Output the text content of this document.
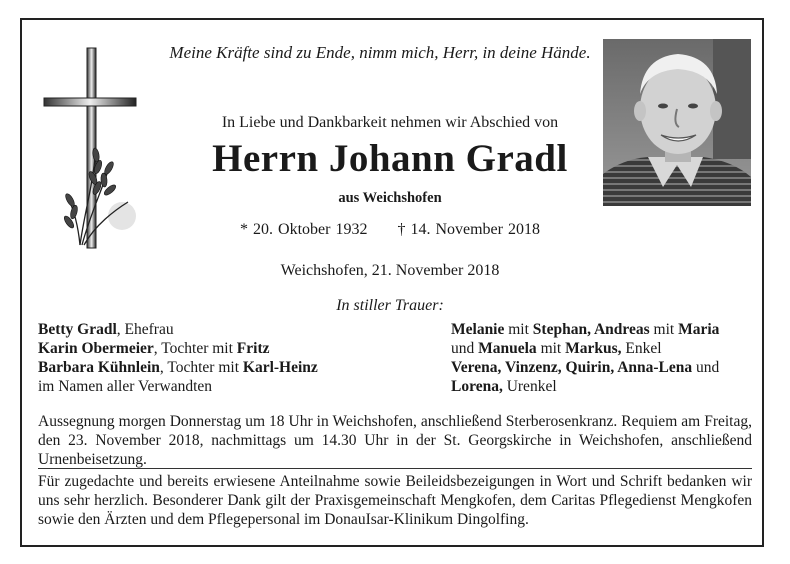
Meine Kräfte sind zu Ende, nimm mich, Herr, in deine Hände.
In Liebe und Dankbarkeit nehmen wir Abschied von
Herrn Johann Gradl
aus Weichshofen
* 20. Oktober 1932 † 14. November 2018
Weichshofen, 21. November 2018
In stiller Trauer:
Betty Gradl, Ehefrau
Karin Obermeier, Tochter mit Fritz
Barbara Kühnlein, Tochter mit Karl-Heinz
im Namen aller Verwandten
Melanie mit Stephan, Andreas mit Maria
und Manuela mit Markus, Enkel
Verena, Vinzenz, Quirin, Anna-Lena und
Lorena, Urenkel
Aussegnung morgen Donnerstag um 18 Uhr in Weichshofen, anschließend Sterberosenkranz. Requiem am Freitag, den 23. November 2018, nachmittags um 14.30 Uhr in der St. Georgskirche in Weichshofen, anschließend Urnenbeisetzung.
Für zugedachte und bereits erwiesene Anteilnahme sowie Beileidsbezeigungen in Wort und Schrift bedanken wir uns sehr herzlich. Besonderer Dank gilt der Praxisgemeinschaft Mengkofen, dem Caritas Pflegedienst Mengkofen sowie den Ärzten und dem Pflegepersonal im DonauIsar-Klinikum Dingolfing.
